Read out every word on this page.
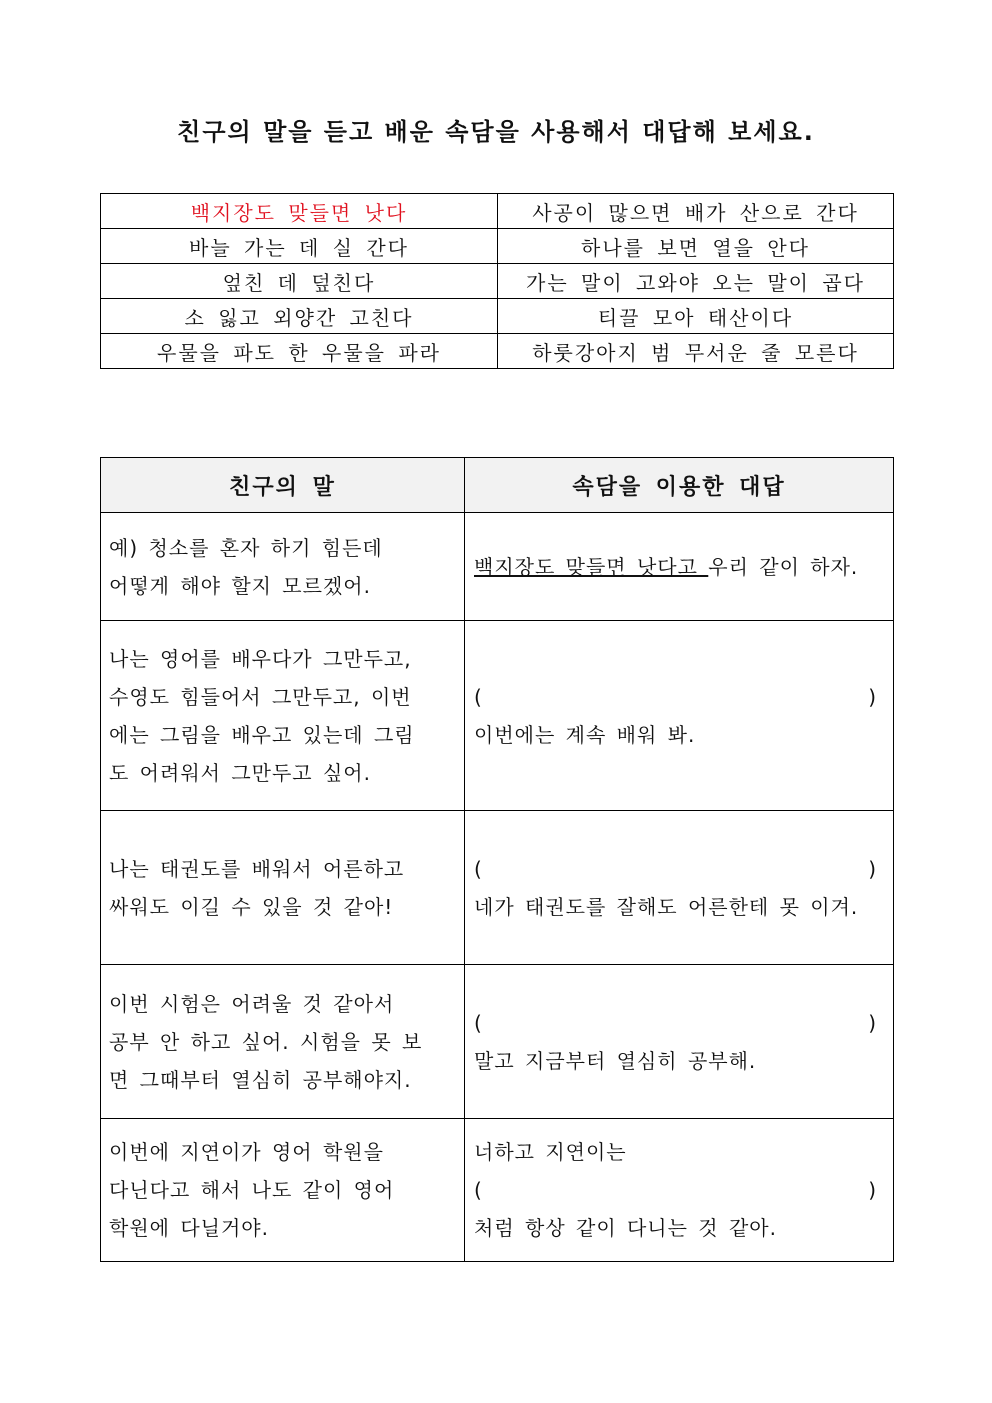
친구의 말을 듣고 배운 속담을 사용해서 대답해 보세요.
백지장도 맞들면 낫다	사공이 많으면 배가 산으로 간다
바늘 가는 데 실 간다	하나를 보면 열을 안다
엎친 데 덮친다	가는 말이 고와야 오는 말이 곱다
소 잃고 외양간 고친다	티끌 모아 태산이다
우물을 파도 한 우물을 파라	하룻강아지 범 무서운 줄 모른다
친구의 말	속담을 이용한 대답

예) 청소를 혼자 하기 힘든데
어떻게 해야 할지 모르겠어.	백지장도 맞들면 낫다고 우리 같이 하자.

나는 영어를 배우다가 그만두고,
수영도 힘들어서 그만두고, 이번
에는 그림을 배우고 있는데 그림
도 어려워서 그만두고 싶어.	( )
이번에는 계속 배워 봐.

나는 태권도를 배워서 어른하고
싸워도 이길 수 있을 것 같아!	( )
네가 태권도를 잘해도 어른한테 못 이겨.

이번 시험은 어려울 것 같아서
공부 안 하고 싶어. 시험을 못 보
면 그때부터 열심히 공부해야지.	( )
말고 지금부터 열심히 공부해.

이번에 지연이가 영어 학원을
다닌다고 해서 나도 같이 영어
학원에 다닐거야.	너하고 지연이는
( )
처럼 항상 같이 다니는 것 같아.
